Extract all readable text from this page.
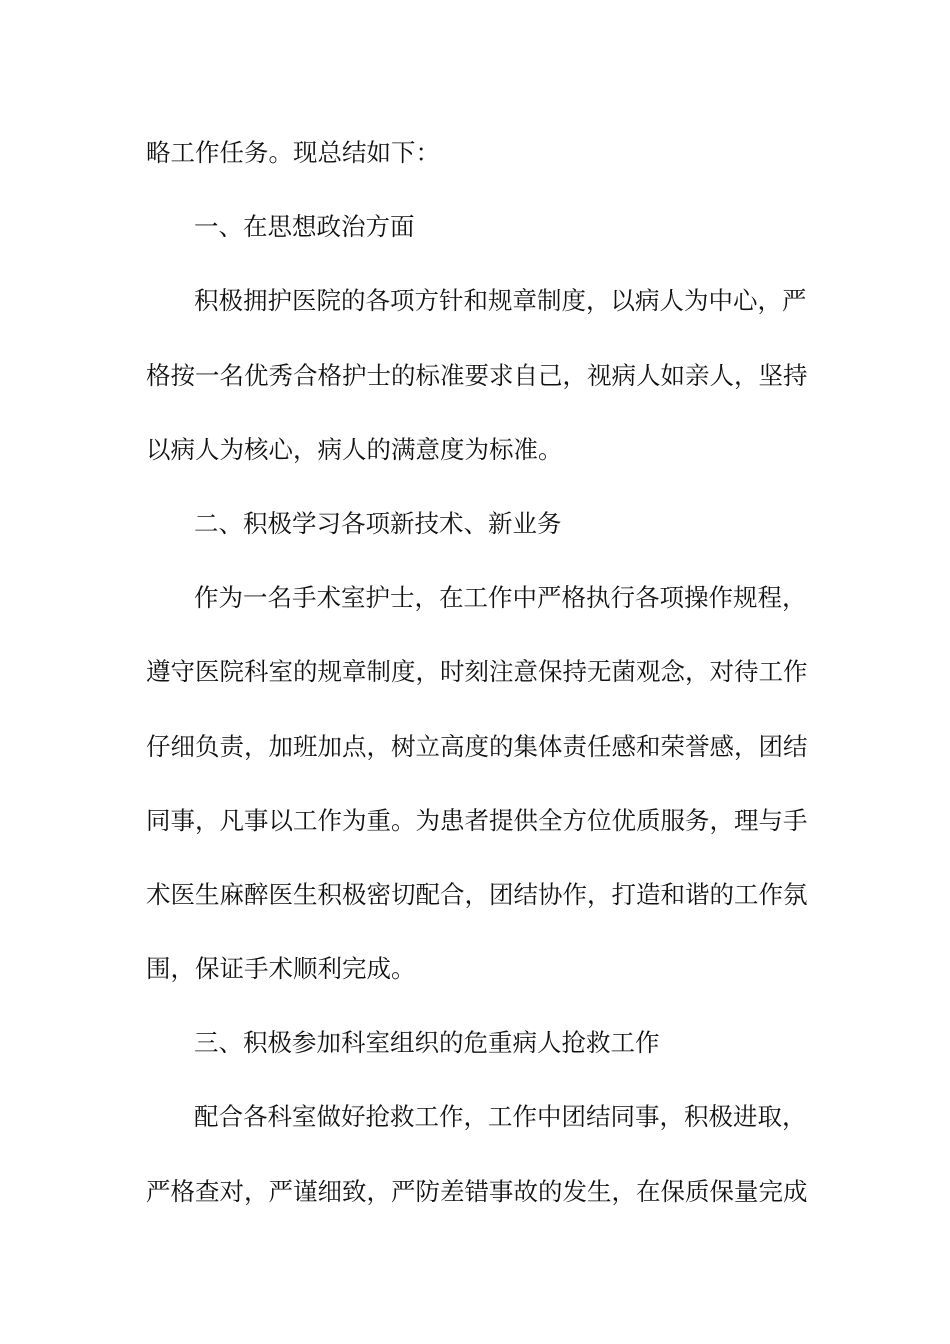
略工作任务。现总结如下：
一、在思想政治方面
积极拥护医院的各项方针和规章制度，以病人为中心，严
格按一名优秀合格护士的标准要求自己，视病人如亲人，坚持
以病人为核心，病人的满意度为标准。
二、积极学习各项新技术、新业务
作为一名手术室护士，在工作中严格执行各项操作规程，
遵守医院科室的规章制度，时刻注意保持无菌观念，对待工作
仔细负责，加班加点，树立高度的集体责任感和荣誉感，团结
同事，凡事以工作为重。为患者提供全方位优质服务，理与手
术医生麻醉医生积极密切配合，团结协作，打造和谐的工作氛
围，保证手术顺利完成。
三、积极参加科室组织的危重病人抢救工作
配合各科室做好抢救工作，工作中团结同事，积极进取，
严格查对，严谨细致，严防差错事故的发生，在保质保量完成
